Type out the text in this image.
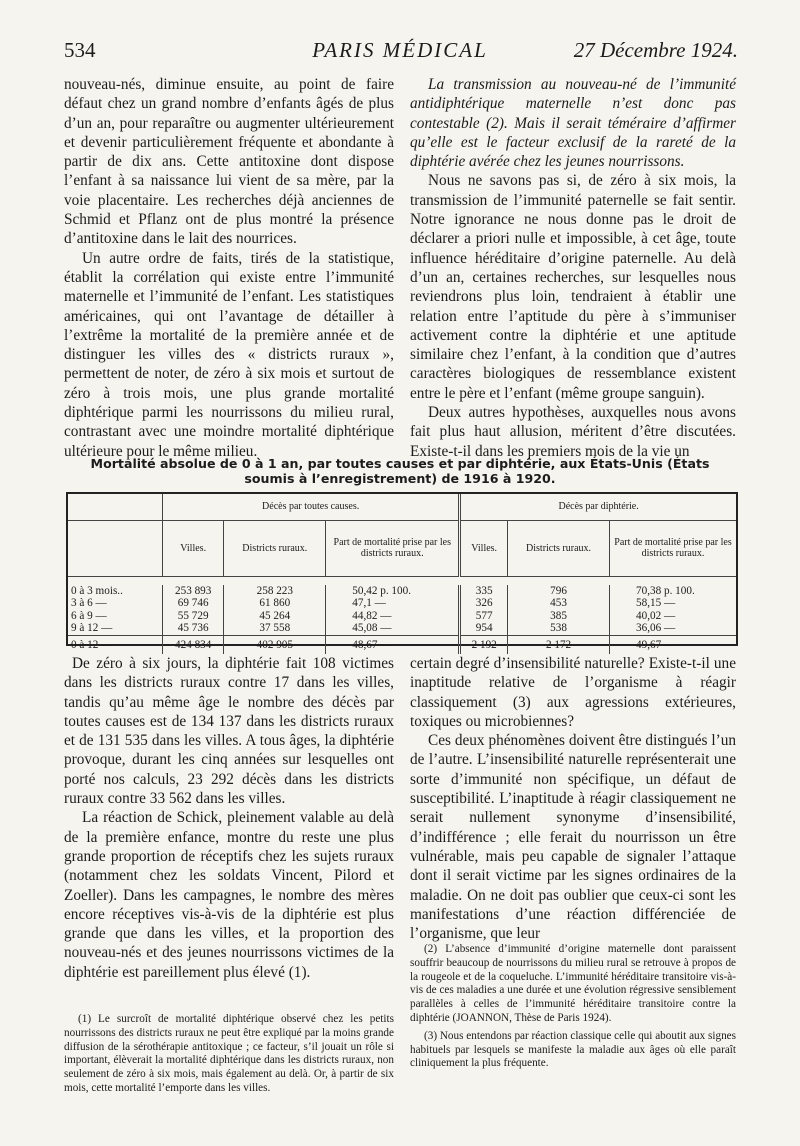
PARIS MÉDICAL
534	27 Décembre 1924.

nouveau-nés, diminue ensuite, au point de faire défaut chez un grand nombre d’enfants âgés de plus d’un an, pour reparaître ou augmenter ultérieurement et devenir particulièrement fréquente et abondante à partir de dix ans. Cette antitoxine dont dispose l’enfant à sa naissance lui vient de sa mère, par la voie placentaire. Les recherches déjà anciennes de Schmid et Pflanz ont de plus montré la présence d’antitoxine dans le lait des nourrices.

Un autre ordre de faits, tirés de la statistique, établit la corrélation qui existe entre l’immunité maternelle et l’immunité de l’enfant. Les statistiques américaines, qui ont l’avantage de détailler à l’extrême la mortalité de la première année et de distinguer les villes des « districts ruraux », permettent de noter, de zéro à six mois et surtout de zéro à trois mois, une plus grande mortalité diphtérique parmi les nourrissons du milieu rural, contrastant avec une moindre mortalité diphtérique ultérieure pour le même milieu.

La transmission au nouveau-né de l’immunité antidiphtérique maternelle n’est donc pas contestable (2). Mais il serait téméraire d’affirmer qu’elle est le facteur exclusif de la rareté de la diphtérie avérée chez les jeunes nourrissons.

Nous ne savons pas si, de zéro à six mois, la transmission de l’immunité paternelle se fait sentir. Notre ignorance ne nous donne pas le droit de déclarer a priori nulle et impossible, à cet âge, toute influence héréditaire d’origine paternelle. Au delà d’un an, certaines recherches, sur lesquelles nous reviendrons plus loin, tendraient à établir une relation entre l’aptitude du père à s’immuniser activement contre la diphtérie et une aptitude similaire chez l’enfant, à la condition que d’autres caractères biologiques de ressemblance existent entre le père et l’enfant (même groupe sanguin).

Deux autres hypothèses, auxquelles nous avons fait plus haut allusion, méritent d’être discutées. Existe-t-il dans les premiers mois de la vie un

Mortalité absolue de 0 à 1 an, par toutes causes et par diphtérie, aux États-Unis (États soumis à l’enregistrement) de 1916 à 1920.
	Décès par toutes causes.			Décès par diphtérie.		
	Villes.	Districts ruraux.	Part de mortalité prise par les districts ruraux.	Villes.	Districts ruraux.	Part de mortalité prise par les districts ruraux.

0 à 3 mois..	253 893	258 223	50,42 p. 100.	335	796	70,38 p. 100.
3 à 6 —	69 746	61 860	47,1 —	326	453	58,15 —
6 à 9 —	55 729	45 264	44,82 —	577	385	40,02 —
9 à 12 —	45 736	37 558	45,08 —	954	538	36,06 —
0 à 12 —	424 834	402 905	48,67 —	2 192	2 172	49,67 —

De zéro à six jours, la diphtérie fait 108 victimes dans les districts ruraux contre 17 dans les villes, tandis qu’au même âge le nombre des décès par toutes causes est de 134 137 dans les districts ruraux et de 131 535 dans les villes. A tous âges, la diphtérie provoque, durant les cinq années sur lesquelles ont porté nos calculs, 23 292 décès dans les districts ruraux contre 33 562 dans les villes.

La réaction de Schick, pleinement valable au delà de la première enfance, montre du reste une plus grande proportion de réceptifs chez les sujets ruraux (notamment chez les soldats Vincent, Pilord et Zoeller). Dans les campagnes, le nombre des mères encore réceptives vis-à-vis de la diphtérie est plus grande que dans les villes, et la proportion des nouveau-nés et des jeunes nourrissons victimes de la diphtérie est pareillement plus élevé (1).

certain degré d’insensibilité naturelle? Existe-t-il une inaptitude relative de l’organisme à réagir classiquement (3) aux agressions extérieures, toxiques ou microbiennes?

Ces deux phénomènes doivent être distingués l’un de l’autre. L’insensibilité naturelle représenterait une sorte d’immunité non spécifique, un défaut de susceptibilité. L’inaptitude à réagir classiquement ne serait nullement synonyme d’insensibilité, d’indifférence ; elle ferait du nourrisson un être vulnérable, mais peu capable de signaler l’attaque dont il serait victime par les signes ordinaires de la maladie. On ne doit pas oublier que ceux-ci sont les manifestations d’une réaction différenciée de l’organisme, que leur

(1) Le surcroît de mortalité diphtérique observé chez les petits nourrissons des districts ruraux ne peut être expliqué par la moins grande diffusion de la sérothérapie antitoxique ; ce facteur, s’il jouait un rôle si important, élèverait la mortalité diphtérique dans les districts ruraux, non seulement de zéro à six mois, mais également au delà. Or, à partir de six mois, cette mortalité l’emporte dans les villes.

(2) L’absence d’immunité d’origine maternelle dont paraissent souffrir beaucoup de nourrissons du milieu rural se retrouve à propos de la rougeole et de la coqueluche. L’immunité héréditaire transitoire vis-à-vis de ces maladies a une durée et une évolution régressive sensiblement parallèles à celles de l’immunité héréditaire transitoire contre la diphtérie (JOANNON, Thèse de Paris 1924).

(3) Nous entendons par réaction classique celle qui aboutit aux signes habituels par lesquels se manifeste la maladie aux âges où elle paraît cliniquement la plus fréquente.
